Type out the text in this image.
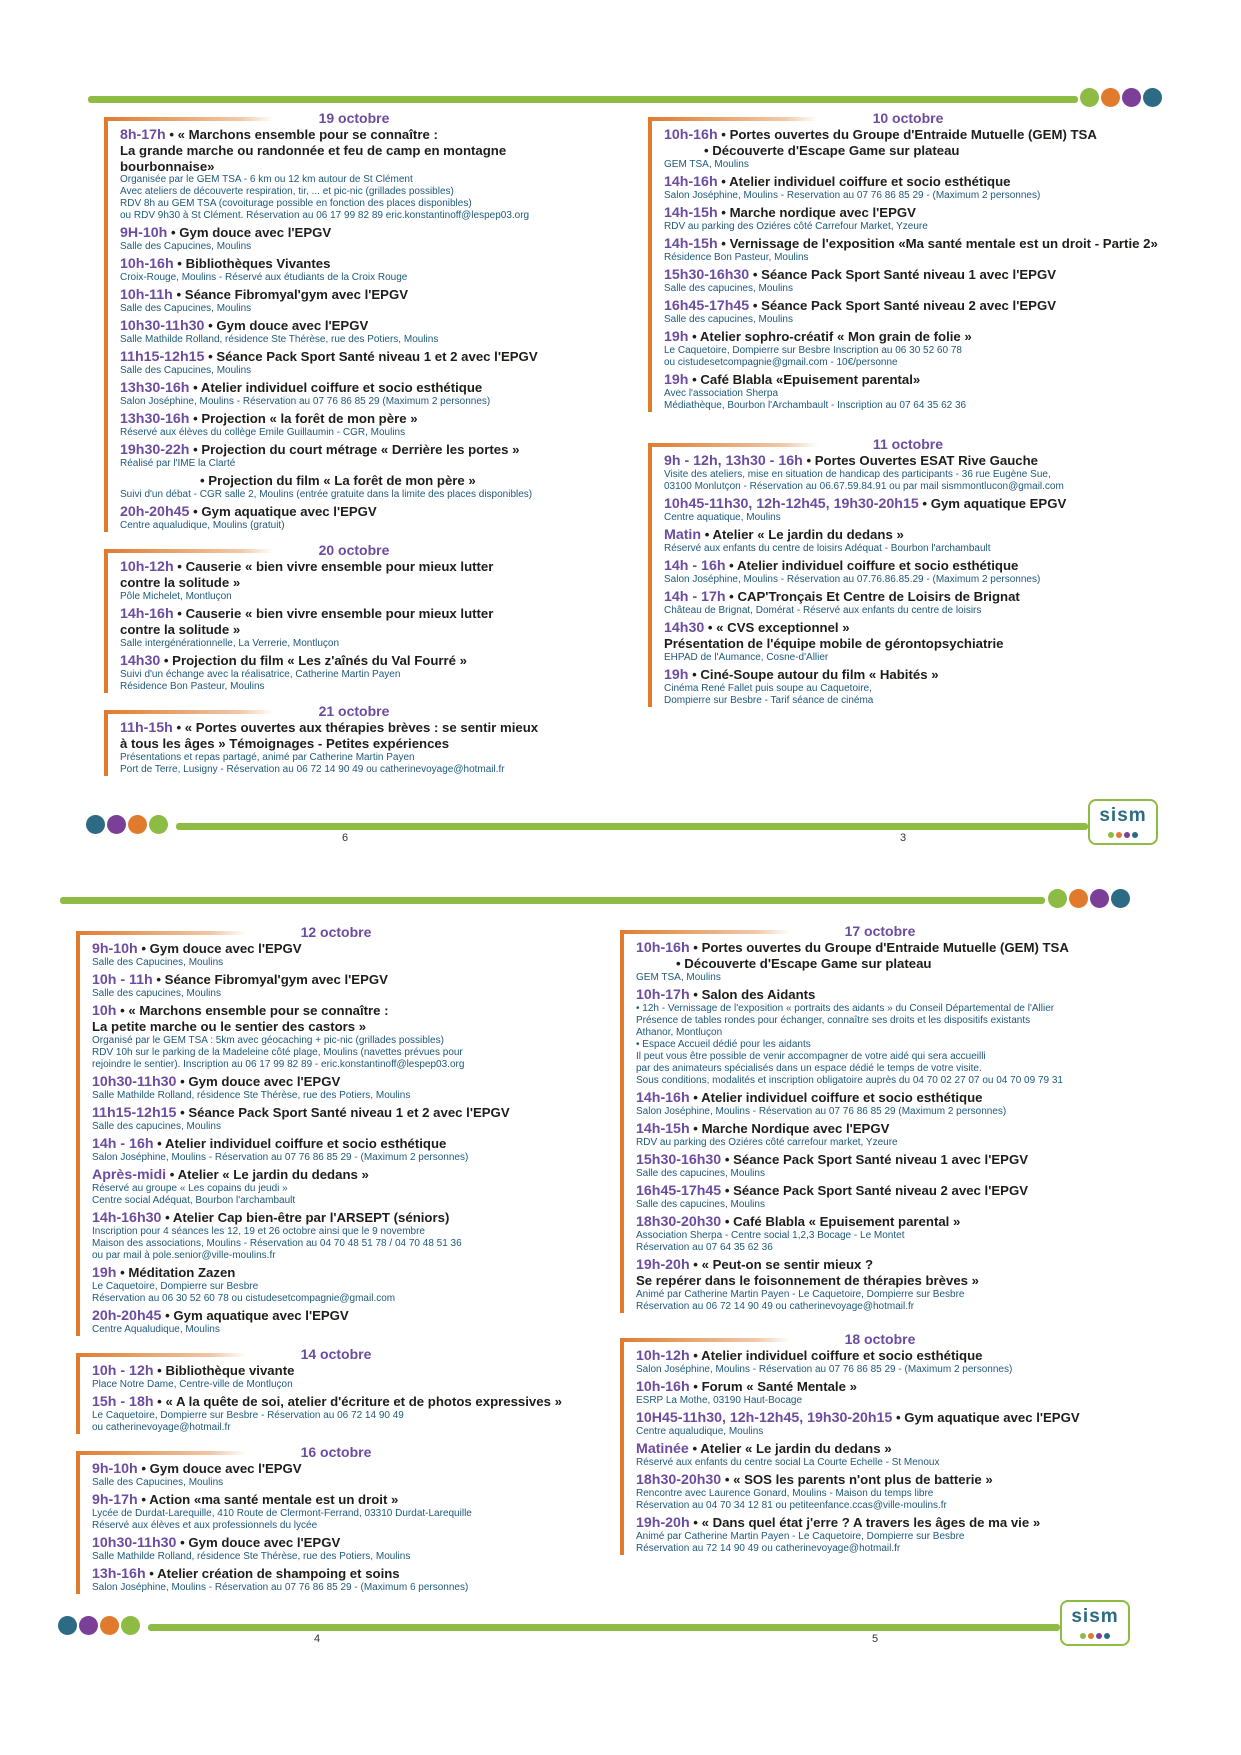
19 octobre
8h-17h • « Marchons ensemble pour se connaître :
La grande marche ou randonnée et feu de camp en montagne bourbonnaise»
Organisée par le GEM TSA - 6 km ou 12 km autour de St Clément
Avec ateliers de découverte respiration, tir, ... et pic-nic (grillades possibles)
RDV 8h au GEM TSA (covoiturage possible en fonction des places disponibles)
ou RDV 9h30 à St Clément. Réservation au 06 17 99 82 89 eric.konstantinoff@lespep03.org
9H-10h • Gym douce avec l'EPGV
Salle des Capucines, Moulins
10h-16h • Bibliothèques Vivantes
Croix-Rouge, Moulins - Réservé aux étudiants de la Croix Rouge
10h-11h • Séance Fibromyal'gym avec l'EPGV
Salle des Capucines, Moulins
10h30-11h30 • Gym douce avec l'EPGV
Salle Mathilde Rolland, résidence Ste Thérèse, rue des Potiers, Moulins
11h15-12h15 • Séance Pack Sport Santé niveau 1 et 2 avec l'EPGV
Salle des Capucines, Moulins
13h30-16h • Atelier individuel coiffure et socio esthétique
Salon Joséphine, Moulins - Réservation au 07 76 86 85 29 (Maximum 2 personnes)
13h30-16h • Projection « la forêt de mon père »
Réservé aux élèves du collège Emile Guillaumin - CGR, Moulins
19h30-22h • Projection du court métrage « Derrière les portes »
Réalisé par l'IME la Clarté
• Projection du film « La forêt de mon père »
Suivi d'un débat - CGR salle 2, Moulins (entrée gratuite dans la limite des places disponibles)
20h-20h45 • Gym aquatique avec l'EPGV
Centre aqualudique, Moulins (gratuit)
20 octobre
10h-12h • Causerie « bien vivre ensemble pour mieux lutter
contre la solitude »
Pôle Michelet, Montluçon
14h-16h • Causerie « bien vivre ensemble pour mieux lutter
contre la solitude »
Salle intergénérationnelle, La Verrerie, Montluçon
14h30 • Projection du film « Les z'aînés du Val Fourré »
Suivi d'un échange avec la réalisatrice, Catherine Martin Payen
Résidence Bon Pasteur, Moulins
21 octobre
11h-15h • « Portes ouvertes aux thérapies brèves : se sentir mieux
à tous les âges » Témoignages - Petites expériences
Présentations et repas partagé, animé par Catherine Martin Payen
Port de Terre, Lusigny - Réservation au 06 72 14 90 49 ou catherinevoyage@hotmail.fr
10 octobre
10h-16h • Portes ouvertes du Groupe d'Entraide Mutuelle (GEM) TSA
• Découverte d'Escape Game sur plateau
GEM TSA, Moulins
14h-16h • Atelier individuel coiffure et socio esthétique
Salon Joséphine, Moulins - Reservation au 07 76 86 85 29 - (Maximum 2 personnes)
14h-15h • Marche nordique avec l'EPGV
RDV au parking des Oziéres côté Carrefour Market, Yzeure
14h-15h • Vernissage de l'exposition «Ma santé mentale est un droit - Partie 2»
Résidence Bon Pasteur, Moulins
15h30-16h30 • Séance Pack Sport Santé niveau 1 avec l'EPGV
Salle des capucines, Moulins
16h45-17h45 • Séance Pack Sport Santé niveau 2 avec l'EPGV
Salle des capucines, Moulins
19h • Atelier sophro-créatif « Mon grain de folie »
Le Caquetoire, Dompierre sur Besbre Inscription au 06 30 52 60 78
ou cistudesetcompagnie@gmail.com - 10€/personne
19h • Café Blabla «Epuisement parental»
Avec l'association Sherpa
Médiathèque, Bourbon l'Archambault - Inscription au 07 64 35 62 36
11 octobre
9h - 12h, 13h30 - 16h • Portes Ouvertes ESAT Rive Gauche
Visite des ateliers, mise en situation de handicap des participants - 36 rue Eugène Sue,
03100 Monlutçon - Réservation au 06.67.59.84.91 ou par mail sismmontlucon@gmail.com
10h45-11h30, 12h-12h45, 19h30-20h15 • Gym aquatique EPGV
Centre aquatique, Moulins
Matin • Atelier « Le jardin du dedans »
Réservé aux enfants du centre de loisirs Adéquat - Bourbon l'archambault
14h - 16h • Atelier individuel coiffure et socio esthétique
Salon Joséphine, Moulins - Réservation au 07.76.86.85.29 - (Maximum 2 personnes)
14h - 17h • CAP'Tronçais Et Centre de Loisirs de Brignat
Château de Brignat, Domérat - Réservé aux enfants du centre de loisirs
14h30 • « CVS exceptionnel »
Présentation de l'équipe mobile de gérontopsychiatrie
EHPAD de l'Aumance, Cosne-d'Allier
19h • Ciné-Soupe autour du film « Habités »
Cinéma René Fallet puis soupe au Caquetoire,
Dompierre sur Besbre - Tarif séance de cinéma
sism
6	3
12 octobre
9h-10h • Gym douce avec l'EPGV
Salle des Capucines, Moulins
10h - 11h • Séance Fibromyal'gym avec l'EPGV
Salle des capucines, Moulins
10h • « Marchons ensemble pour se connaître :
La petite marche ou le sentier des castors »
Organisé par le GEM TSA : 5km avec géocaching + pic-nic (grillades possibles)
RDV 10h sur le parking de la Madeleine côté plage, Moulins (navettes prévues pour
rejoindre le sentier). Inscription au 06 17 99 82 89 - eric.konstantinoff@lespep03.org
10h30-11h30 • Gym douce avec l'EPGV
Salle Mathilde Rolland, résidence Ste Thérèse, rue des Potiers, Moulins
11h15-12h15 • Séance Pack Sport Santé niveau 1 et 2 avec l'EPGV
Salle des capucines, Moulins
14h - 16h • Atelier individuel coiffure et socio esthétique
Salon Joséphine, Moulins - Réservation au 07 76 86 85 29 - (Maximum 2 personnes)
Après-midi • Atelier « Le jardin du dedans »
Réservé au groupe « Les copains du jeudi »
Centre social Adéquat, Bourbon l'archambault
14h-16h30 • Atelier Cap bien-être par l'ARSEPT (séniors)
Inscription pour 4 séances les 12, 19 et 26 octobre ainsi que le 9 novembre
Maison des associations, Moulins - Réservation au 04 70 48 51 78 / 04 70 48 51 36
ou par mail à pole.senior@ville-moulins.fr
19h • Méditation Zazen
Le Caquetoire, Dompierre sur Besbre
Réservation au 06 30 52 60 78 ou cistudesetcompagnie@gmail.com
20h-20h45 • Gym aquatique avec l'EPGV
Centre Aqualudique, Moulins
14 octobre
10h - 12h • Bibliothèque vivante
Place Notre Dame, Centre-ville de Montluçon
15h - 18h • « A la quête de soi, atelier d'écriture et de photos expressives »
Le Caquetoire, Dompierre sur Besbre - Réservation au 06 72 14 90 49
ou catherinevoyage@hotmail.fr
16 octobre
9h-10h • Gym douce avec l'EPGV
Salle des Capucines, Moulins
9h-17h • Action «ma santé mentale est un droit »
Lycée de Durdat-Larequille, 410 Route de Clermont-Ferrand, 03310 Durdat-Larequille
Réservé aux élèves et aux professionnels du lycée
10h30-11h30 • Gym douce avec l'EPGV
Salle Mathilde Rolland, résidence Ste Thérèse, rue des Potiers, Moulins
13h-16h • Atelier création de shampoing et soins
Salon Joséphine, Moulins - Réservation au 07 76 86 85 29 - (Maximum 6 personnes)
17 octobre
10h-16h • Portes ouvertes du Groupe d'Entraide Mutuelle (GEM) TSA
• Découverte d'Escape Game sur plateau
GEM TSA, Moulins
10h-17h • Salon des Aidants
• 12h - Vernissage de l'exposition « portraits des aidants » du Conseil Départemental de l'Allier
Présence de tables rondes pour échanger, connaître ses droits et les dispositifs existants
Athanor, Montluçon
• Espace Accueil dédié pour les aidants
Il peut vous être possible de venir accompagner de votre aidé qui sera accueilli
par des animateurs spécialisés dans un espace dédié le temps de votre visite.
Sous conditions, modalités et inscription obligatoire auprès du 04 70 02 27 07 ou 04 70 09 79 31
14h-16h • Atelier individuel coiffure et socio esthétique
Salon Joséphine, Moulins - Réservation au 07 76 86 85 29 (Maximum 2 personnes)
14h-15h • Marche Nordique avec l'EPGV
RDV au parking des Oziéres côté carrefour market, Yzeure
15h30-16h30 • Séance Pack Sport Santé niveau 1 avec l'EPGV
Salle des capucines, Moulins
16h45-17h45 • Séance Pack Sport Santé niveau 2 avec l'EPGV
Salle des capucines, Moulins
18h30-20h30 • Café Blabla « Epuisement parental »
Association Sherpa - Centre social 1,2,3 Bocage - Le Montet
Réservation au 07 64 35 62 36
19h-20h • « Peut-on se sentir mieux ?
Se repérer dans le foisonnement de thérapies brèves »
Animé par Catherine Martin Payen - Le Caquetoire, Dompierre sur Besbre
Réservation au 06 72 14 90 49 ou catherinevoyage@hotmail.fr
18 octobre
10h-12h • Atelier individuel coiffure et socio esthétique
Salon Joséphine, Moulins - Réservation au 07 76 86 85 29 - (Maximum 2 personnes)
10h-16h • Forum « Santé Mentale »
ESRP La Mothe, 03190 Haut-Bocage
10H45-11h30, 12h-12h45, 19h30-20h15 • Gym aquatique avec l'EPGV
Centre aqualudique, Moulins
Matinée • Atelier « Le jardin du dedans »
Réservé aux enfants du centre social La Courte Echelle - St Menoux
18h30-20h30 • « SOS les parents n'ont plus de batterie »
Rencontre avec Laurence Gonard, Moulins - Maison du temps libre
Réservation au 04 70 34 12 81 ou petiteenfance.ccas@ville-moulins.fr
19h-20h • « Dans quel état j'erre ? A travers les âges de ma vie »
Animé par Catherine Martin Payen - Le Caquetoire, Dompierre sur Besbre
Réservation au 72 14 90 49 ou catherinevoyage@hotmail.fr
sism
4	5
